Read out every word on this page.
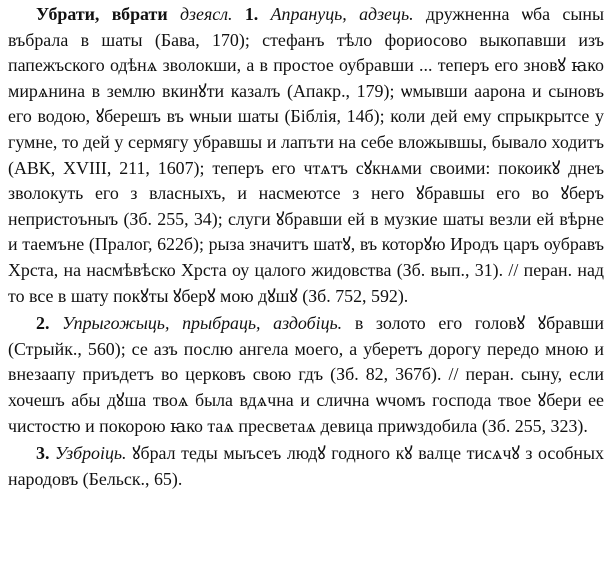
Убрати, вбрати дзеясл. 1. Апрануць, адзець. дружненна ѡба сыны въбрала в шаты (Бава, 170); стефанъ тѣло фориосово выкопавши изъ папежъского одѣнѧ зволокши, а в простое оубравши ... теперъ его зновꙋ ꙗко мирѧнина в землю вкинꙋти казалъ (Апакр., 179); ѡмывши аарона и сыновъ его водою, ꙋберешъ въ ѡныи шаты (Біблія, 14б); коли дей ему спрыкрытсе у гумне, то дей у сермягу убравшы и лапъти на себе вложывшы, бывало ходитъ (АВК, XVIII, 211, 1607); теперъ его чтѧтъ сꙋкнѧми своими: покоикꙋ днеъ зволокуть его з власныхъ, и насмеютсе з него ꙋбравшы его во ꙋберъ непристоъныъ (Зб. 255, 34); слуги ꙋбравши ей в музкие шаты везли ей вѣрне и таемъне (Пралог, 622б); рыза значитъ шатꙋ, въ которꙋю Иродъ царъ оубравъ Хрста, на насмѣвѣско Хрста оу цалого жидовства (Зб. вып., 31). // перан. над то все в шату покꙋты ꙋберꙋ мою дꙋшꙋ (Зб. 752, 592).

2. Упрыгожыць, прыбраць, аздобіць. в золото его головꙋ ꙋбравши (Стрыйк., 560); се азъ послю ангела моего, а уберетъ дорогу передо мною и внезаапу приъдетъ во церковъ свою гдъ (Зб. 82, 367б). // перан. сыну, если хочешъ абы дꙋша твоѧ была вдѧчна и слична ѡчомъ господа твое ꙋбери ее чистостю и покорою ꙗко таѧ пресветаѧ девица приѡздобила (Зб. 255, 323).

3. Узброіць. ꙋбрал теды мыъсеъ людꙋ годного кꙋ валце тисѧчꙋ з особных народовъ (Бельск., 65).
